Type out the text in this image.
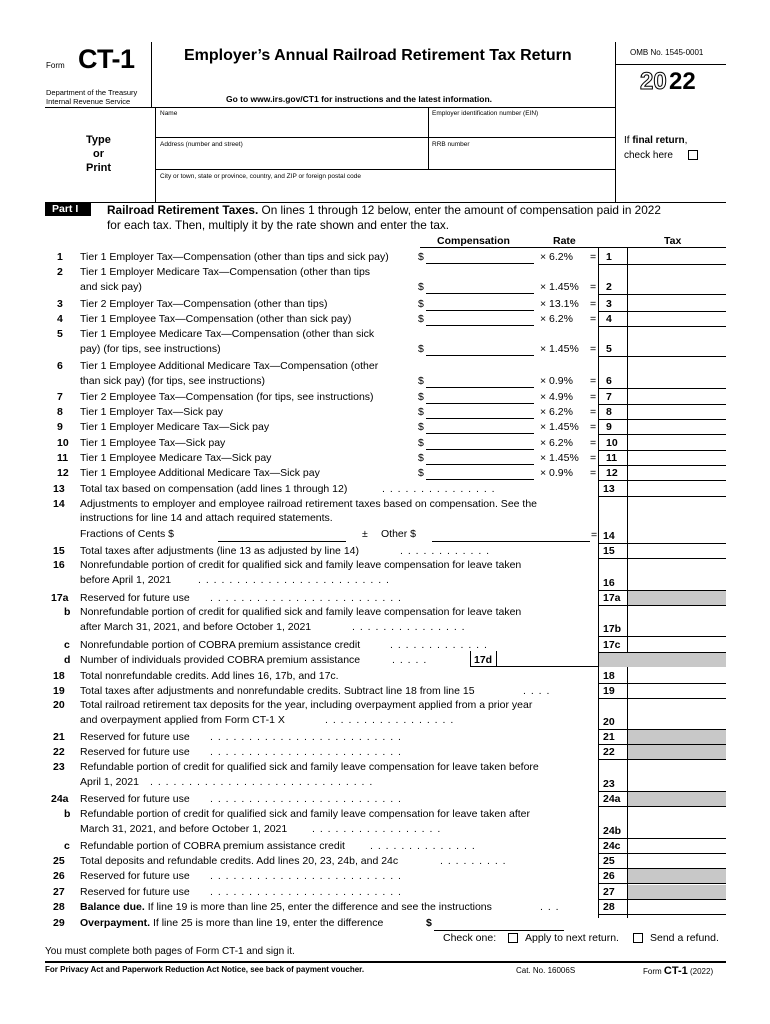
Form CT-1
Department of the Treasury
Internal Revenue Service
Employer’s Annual Railroad Retirement Tax Return
Go to www.irs.gov/CT1 for instructions and the latest information.
OMB No. 1545-0001
20 22
Type
or
Print
Name	Employer identification number (EIN)
Address (number and street)	RRB number
City or town, state or province, country, and ZIP or foreign postal code
If final return,
check here
Part I Railroad Retirement Taxes. On lines 1 through 12 below, enter the amount of compensation paid in 2022
for each tax. Then, multiply it by the rate shown and enter the tax.
Compensation	Rate	Tax
1 Tier 1 Employer Tax—Compensation (other than tips and sick pay)	$	× 6.2% = 1
2 Tier 1 Employer Medicare Tax—Compensation (other than tips
and sick pay)	$	× 1.45% = 2
3 Tier 2 Employer Tax—Compensation (other than tips)	$	× 13.1% = 3
4 Tier 1 Employee Tax—Compensation (other than sick pay)	$	× 6.2% = 4
5 Tier 1 Employee Medicare Tax—Compensation (other than sick
pay) (for tips, see instructions)	$	× 1.45% = 5
6 Tier 1 Employee Additional Medicare Tax—Compensation (other
than sick pay) (for tips, see instructions)	$	× 0.9% = 6
7 Tier 2 Employee Tax—Compensation (for tips, see instructions)	$	× 4.9% = 7
8 Tier 1 Employer Tax—Sick pay	$	× 6.2% = 8
9 Tier 1 Employer Medicare Tax—Sick pay	$	× 1.45% = 9
10 Tier 1 Employee Tax—Sick pay	$	× 6.2% = 10
11 Tier 1 Employee Medicare Tax—Sick pay	$	× 1.45% = 11
12 Tier 1 Employee Additional Medicare Tax—Sick pay	$	× 0.9% = 12
13 Total tax based on compensation (add lines 1 through 12)	. . . . . . . . . . . . . . .	13
14 Adjustments to employer and employee railroad retirement taxes based on compensation. See the
instructions for line 14 and attach required statements.
Fractions of Cents $	± Other $	= 14
15 Total taxes after adjustments (line 13 as adjusted by line 14)	. . . . . . . . . . . .	15
16 Nonrefundable portion of credit for qualified sick and family leave compensation for leave taken
before April 1, 2021	. . . . . . . . . . . . . . . . . . . . . . . . .	16
17a Reserved for future use . . . . . . . . . . . . . . . . . . . . . . . . .	17a
b Nonrefundable portion of credit for qualified sick and family leave compensation for leave taken
after March 31, 2021, and before October 1, 2021	. . . . . . . . . . . . . . .	17b
c Nonrefundable portion of COBRA premium assistance credit	. . . . . . . . . . . . .	17c
d Number of individuals provided COBRA premium assistance	. . . . .	17d
18 Total nonrefundable credits. Add lines 16, 17b, and 17c.	18
19 Total taxes after adjustments and nonrefundable credits. Subtract line 18 from line 15	. . . .	19
20 Total railroad retirement tax deposits for the year, including overpayment applied from a prior year
and overpayment applied from Form CT-1 X	. . . . . . . . . . . . . . . . .	20
21 Reserved for future use . . . . . . . . . . . . . . . . . . . . . . . . .	21
22 Reserved for future use . . . . . . . . . . . . . . . . . . . . . . . . .	22
23 Refundable portion of credit for qualified sick and family leave compensation for leave taken before
April 1, 2021 . . . . . . . . . . . . . . . . . . . . . . . . . . . . .	23
24a Reserved for future use . . . . . . . . . . . . . . . . . . . . . . . . .	24a
b Refundable portion of credit for qualified sick and family leave compensation for leave taken after
March 31, 2021, and before October 1, 2021 . . . . . . . . . . . . . . . . .	24b
c Refundable portion of COBRA premium assistance credit . . . . . . . . . . . . . .	24c
25 Total deposits and refundable credits. Add lines 20, 23, 24b, and 24c	. . . . . . . . .	25
26 Reserved for future use . . . . . . . . . . . . . . . . . . . . . . . . .	26
27 Reserved for future use . . . . . . . . . . . . . . . . . . . . . . . . .	27
28 Balance due. If line 19 is more than line 25, enter the difference and see the instructions	. . .	28
29 Overpayment. If line 25 is more than line 19, enter the difference	$
Check one:	Apply to next return.	Send a refund.
You must complete both pages of Form CT-1 and sign it.
For Privacy Act and Paperwork Reduction Act Notice, see back of payment voucher.	Cat. No. 16006S	Form CT-1 (2022)
